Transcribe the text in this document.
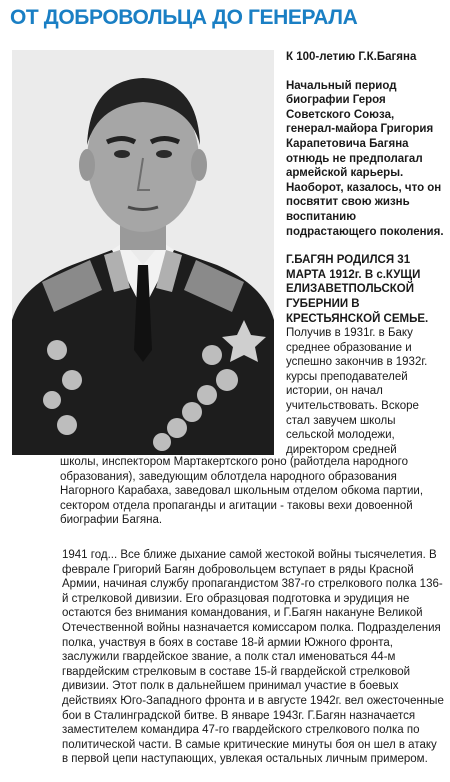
ОТ ДОБРОВОЛЬЦА ДО ГЕНЕРАЛА

К 100-летию Г.К.Багяна

Начальный период биографии Героя Советского Союза, генерал-майора Григория Карапетовича Багяна отнюдь не предполагал армейской карьеры. Наоборот, казалось, что он посвятит свою жизнь воспитанию подрастающего поколения.

Г.БАГЯН РОДИЛСЯ 31 МАРТА 1912г. В с.КУЩИ ЕЛИЗАВЕТПОЛЬСКОЙ ГУБЕРНИИ В КРЕСТЬЯНСКОЙ СЕМЬЕ.

Получив в 1931г. в Баку среднее образование и успешно закончив в 1932г. курсы преподавателей истории, он начал учительствовать. Вскоре стал завучем школы сельской молодежи, директором средней

школы, инспектором Мартакертского роно (райотдела народного образования), заведующим облотдела народного образования Нагорного Карабаха, заведовал школьным отделом обкома партии, сектором отдела пропаганды и агитации - таковы вехи довоенной биографии Багяна.

1941 год... Все ближе дыхание самой жестокой войны тысячелетия. В феврале Григорий Багян добровольцем вступает в ряды Красной Армии, начиная службу пропагандистом 387-го стрелкового полка 136-й стрелковой дивизии. Его образцовая подготовка и эрудиция не остаются без внимания командования, и Г.Багян накануне Великой Отечественной войны назначается комиссаром полка. Подразделения полка, участвуя в боях в составе 18-й армии Южного фронта, заслужили гвардейское звание, а полк стал именоваться 44-м гвардейским стрелковым в составе 15-й гвардейской стрелковой дивизии. Этот полк в дальнейшем принимал участие в боевых действиях Юго-Западного фронта и в августе 1942г. вел ожесточенные бои в Сталинградской битве. В январе 1943г. Г.Багян назначается заместителем командира 47-го гвардейского стрелкового полка по политической части. В самые критические минуты боя он шел в атаку в первой цепи наступающих, увлекая остальных личным примером.
